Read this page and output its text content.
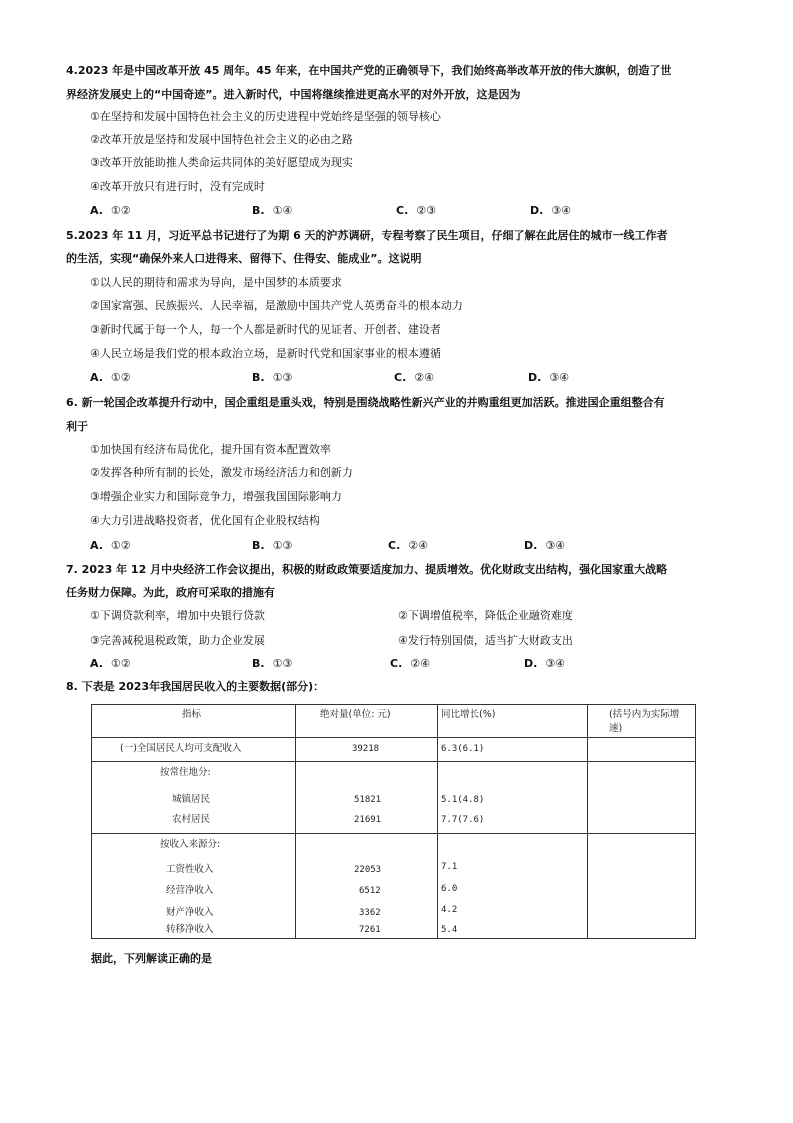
4.2023 年是中国改革开放 45 周年。45 年来，在中国共产党的正确领导下，我们始终高举改革开放的伟大旗帜，创造了世
界经济发展史上的“中国奇迹”。进入新时代，中国将继续推进更高水平的对外开放，这是因为
①在坚持和发展中国特色社会主义的历史进程中党始终是坚强的领导核心
②改革开放是坚持和发展中国特色社会主义的必由之路
③改革开放能助推人类命运共同体的美好愿望成为现实
④改革开放只有进行时，没有完成时
A. ①②	B. ①④	C. ②③	D. ③④
5.2023 年 11 月，习近平总书记进行了为期 6 天的沪苏调研，专程考察了民生项目，仔细了解在此居住的城市一线工作者
的生活，实现“确保外来人口进得来、留得下、住得安、能成业”。这说明
①以人民的期待和需求为导向，是中国梦的本质要求
②国家富强、民族振兴、人民幸福，是激励中国共产党人英勇奋斗的根本动力
③新时代属于每一个人，每一个人都是新时代的见证者、开创者、建设者
④人民立场是我们党的根本政治立场，是新时代党和国家事业的根本遵循
A. ①②	B. ①③	C. ②④	D. ③④
6. 新一轮国企改革提升行动中，国企重组是重头戏，特别是围绕战略性新兴产业的并购重组更加活跃。推进国企重组整合有
利于
①加快国有经济布局优化，提升国有资本配置效率
②发挥各种所有制的长处，激发市场经济活力和创新力
③增强企业实力和国际竞争力，增强我国国际影响力
④大力引进战略投资者，优化国有企业股权结构
A. ①②	B. ①③	C. ②④	D. ③④
7. 2023 年 12 月中央经济工作会议提出，积极的财政政策要适度加力、提质增效。优化财政支出结构，强化国家重大战略
任务财力保障。为此，政府可采取的措施有
①下调贷款利率，增加中央银行贷款	②下调增值税率，降低企业融资难度
③完善减税退税政策，助力企业发展	④发行特别国债，适当扩大财政支出
A. ①②	B. ①③	C. ②④	D. ③④
8. 下表是 2023年我国居民收入的主要数据(部分)：
指标	绝对量(单位: 元)	同比增长(%)	(括号内为实际增
速)
(一)全国居民人均可支配收入	39218	6.3(6.1)
按常住地分:
城镇居民	51821	5.1(4.8)
农村居民	21691	7.7(7.6)
按收入来源分:
工资性收入	22053	7.1
经营净收入	6512	6.0
财产净收入	3362	4.2
转移净收入	7261	5.4
据此，下列解读正确的是
